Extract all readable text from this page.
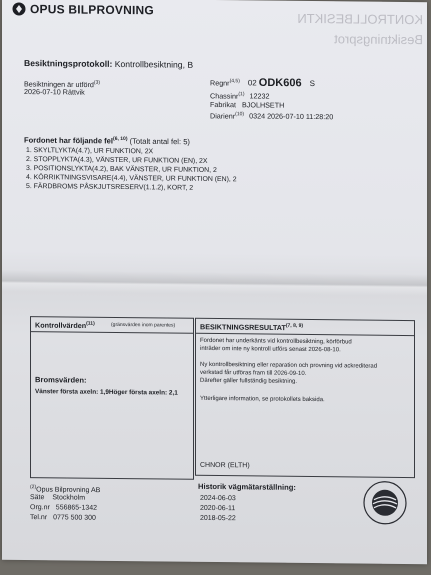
KONTROLLBESIKTN
Besiktningsprot
OPUS BILPROVNING
Besiktningsprotokoll: Kontrollbesiktning, B
Besiktningen är utförd$^{(3)}$
2026-07-10 Rättvik
Regnr$^{(4,5)}$ 02 ODK606 S
Chassinr$^{(1)}$ 12232
Fabrikat BJOLHSETH
Diarienr$^{(10)}$ 0324 2026-07-10 11:28:20
Fordonet har följande fel$^{(6, 10)}$ (Totalt antal fel: 5)
1. SKYLTLYKTA(4.7), UR FUNKTION, 2X
2. STOPPLYKTA(4.3), VÄNSTER, UR FUNKTION (EN), 2X
3. POSITIONSLYKTA(4.2), BAK VÄNSTER, UR FUNKTION, 2
4. KÖRRIKTNINGSVISARE(4.4), VÄNSTER, UR FUNKTION (EN), 2
5. FÄRDBROMS PÅSKJUTSRESERV(1.1.2), KORT, 2
Kontrollvärden$^{(11)}$	(gränsvärden inom parentes)
Bromsvärden:
Vänster första axeln: 1,9Höger första axeln: 2,1
BESIKTNINGSRESULTAT$^{(7, 8, 9)}$
Fordonet har underkänts vid kontrollbesiktning, körförbud
inträder om inte ny kontroll utförs senast 2026-08-10.
Ny kontrollbesiktning eller reparation och provning vid ackrediterad
verkstad får utföras fram till 2026-09-10.
Därefter gäller fullständig besiktning.
Ytterligare information, se protokollets baksida.
CHNOR (ELTH)
$^{(2)}$Opus Bilprovning AB
Säte Stockholm
Org.nr 556865-1342
Tel.nr 0775 500 300
Historik vägmätarställning:
2024-06-03
2020-06-11
2018-05-22
